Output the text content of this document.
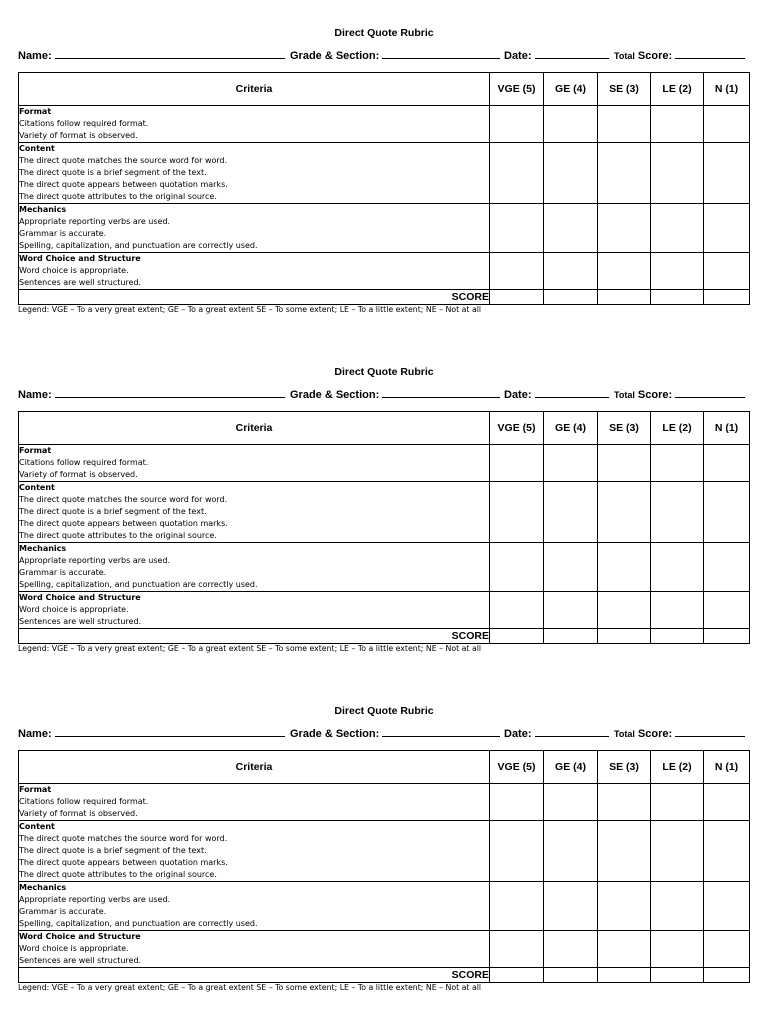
Direct Quote Rubric
Name:	Grade & Section:	Date:	Total Score:
Criteria	VGE (5)	GE (4)	SE (3)	LE (2)	N (1)

Format
Citations follow required format.
Variety of format is observed.					

Content
The direct quote matches the source word for word.
The direct quote is a brief segment of the text.
The direct quote appears between quotation marks.
The direct quote attributes to the original source.					

Mechanics
Appropriate reporting verbs are used.
Grammar is accurate.
Spelling, capitalization, and punctuation are correctly used.					

Word Choice and Structure
Word choice is appropriate.
Sentences are well structured.					

SCORE					
Legend: VGE – To a very great extent; GE – To a great extent SE – To some extent; LE – To a little extent; NE – Not at all
Direct Quote Rubric
Name:	Grade & Section:	Date:	Total Score:
Criteria	VGE (5)	GE (4)	SE (3)	LE (2)	N (1)

Format
Citations follow required format.
Variety of format is observed.					

Content
The direct quote matches the source word for word.
The direct quote is a brief segment of the text.
The direct quote appears between quotation marks.
The direct quote attributes to the original source.					

Mechanics
Appropriate reporting verbs are used.
Grammar is accurate.
Spelling, capitalization, and punctuation are correctly used.					

Word Choice and Structure
Word choice is appropriate.
Sentences are well structured.					

SCORE					
Legend: VGE – To a very great extent; GE – To a great extent SE – To some extent; LE – To a little extent; NE – Not at all
Direct Quote Rubric
Name:	Grade & Section:	Date:	Total Score:
Criteria	VGE (5)	GE (4)	SE (3)	LE (2)	N (1)

Format
Citations follow required format.
Variety of format is observed.					

Content
The direct quote matches the source word for word.
The direct quote is a brief segment of the text.
The direct quote appears between quotation marks.
The direct quote attributes to the original source.					

Mechanics
Appropriate reporting verbs are used.
Grammar is accurate.
Spelling, capitalization, and punctuation are correctly used.					

Word Choice and Structure
Word choice is appropriate.
Sentences are well structured.					

SCORE					
Legend: VGE – To a very great extent; GE – To a great extent SE – To some extent; LE – To a little extent; NE – Not at all
